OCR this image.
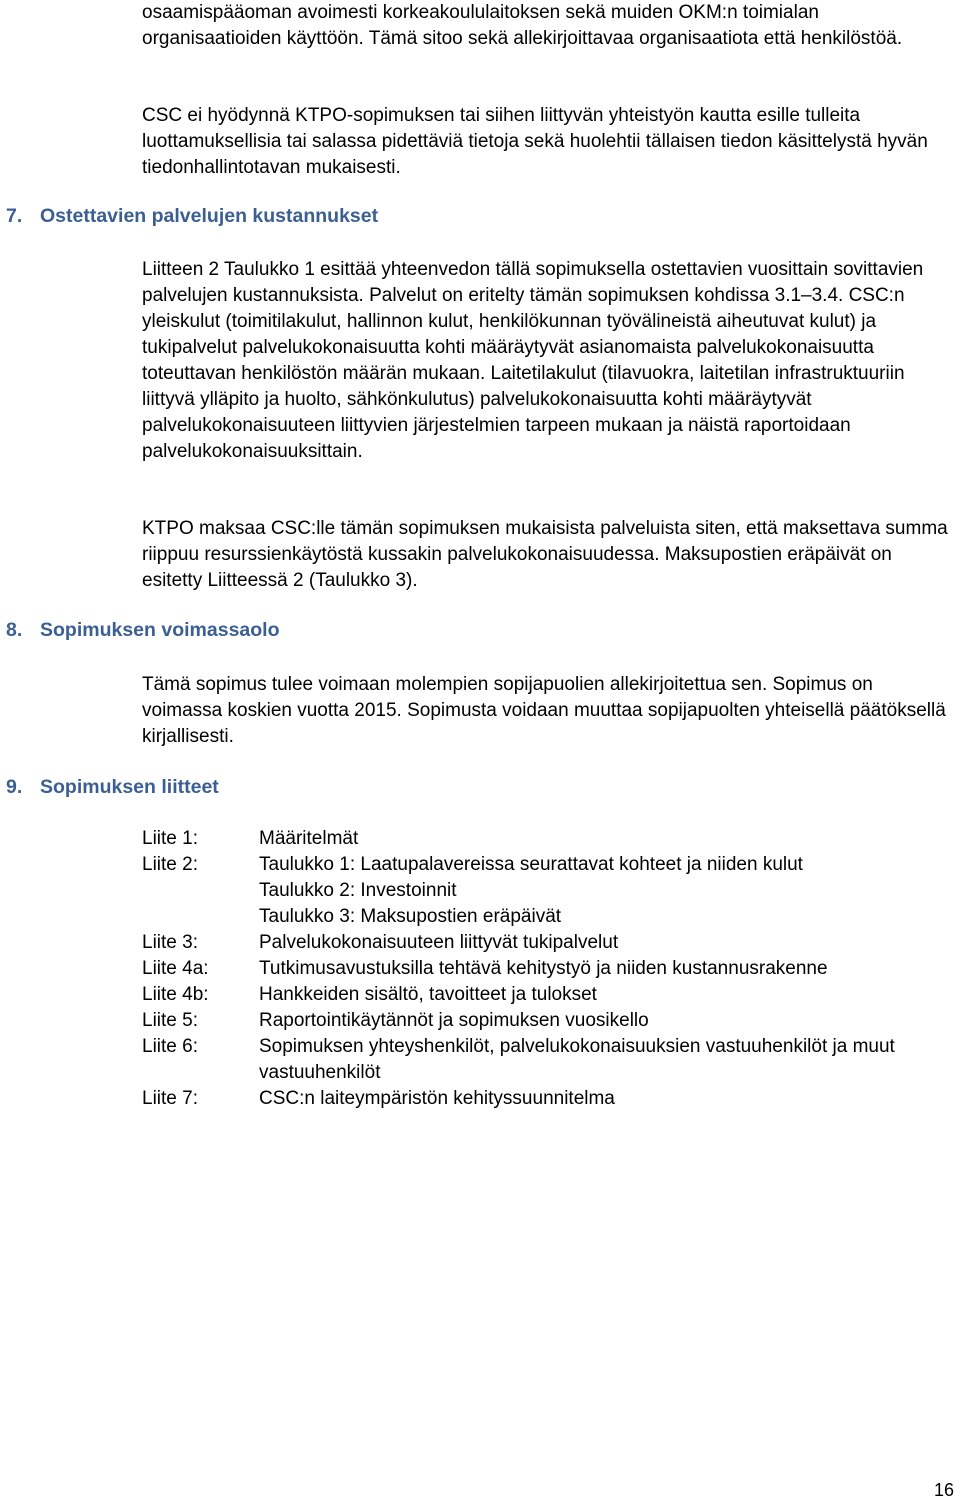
osaamispääoman avoimesti korkeakoululaitoksen sekä muiden OKM:n toimialan organisaatioiden käyttöön. Tämä sitoo sekä allekirjoittavaa organisaatiota että henkilöstöä.

CSC ei hyödynnä KTPO-sopimuksen tai siihen liittyvän yhteistyön kautta esille tulleita luottamuksellisia tai salassa pidettäviä tietoja sekä huolehtii tällaisen tiedon käsittelystä hyvän tiedonhallintotavan mukaisesti.

7. Ostettavien palvelujen kustannukset

Liitteen 2 Taulukko 1 esittää yhteenvedon tällä sopimuksella ostettavien vuosittain sovittavien palvelujen kustannuksista. Palvelut on eritelty tämän sopimuksen kohdissa 3.1–3.4. CSC:n yleiskulut (toimitilakulut, hallinnon kulut, henkilökunnan työvälineistä aiheutuvat kulut) ja tukipalvelut palvelukokonaisuutta kohti määräytyvät asianomaista palvelukokonaisuutta toteuttavan henkilöstön määrän mukaan. Laitetilakulut (tilavuokra, laitetilan infrastruktuuriin liittyvä ylläpito ja huolto, sähkönkulutus) palvelukokonaisuutta kohti määräytyvät palvelukokonaisuuteen liittyvien järjestelmien tarpeen mukaan ja näistä raportoidaan palvelukokonaisuuksittain.

KTPO maksaa CSC:lle tämän sopimuksen mukaisista palveluista siten, että maksettava summa riippuu resurssienkäytöstä kussakin palvelukokonaisuudessa. Maksupostien eräpäivät on esitetty Liitteessä 2 (Taulukko 3).

8. Sopimuksen voimassaolo

Tämä sopimus tulee voimaan molempien sopijapuolien allekirjoitettua sen. Sopimus on voimassa koskien vuotta 2015. Sopimusta voidaan muuttaa sopijapuolten yhteisellä päätöksellä kirjallisesti.

9. Sopimuksen liitteet
Liite 1:	Määritelmät
Liite 2:	Taulukko 1: Laatupalavereissa seurattavat kohteet ja niiden kulut
Taulukko 2: Investoinnit
Taulukko 3: Maksupostien eräpäivät
Liite 3:	Palvelukokonaisuuteen liittyvät tukipalvelut
Liite 4a:	Tutkimusavustuksilla tehtävä kehitystyö ja niiden kustannusrakenne
Liite 4b:	Hankkeiden sisältö, tavoitteet ja tulokset
Liite 5:	Raportointikäytännöt ja sopimuksen vuosikello
Liite 6:	Sopimuksen yhteyshenkilöt, palvelukokonaisuuksien vastuuhenkilöt ja muut vastuuhenkilöt
Liite 7:	CSC:n laiteympäristön kehityssuunnitelma
16
